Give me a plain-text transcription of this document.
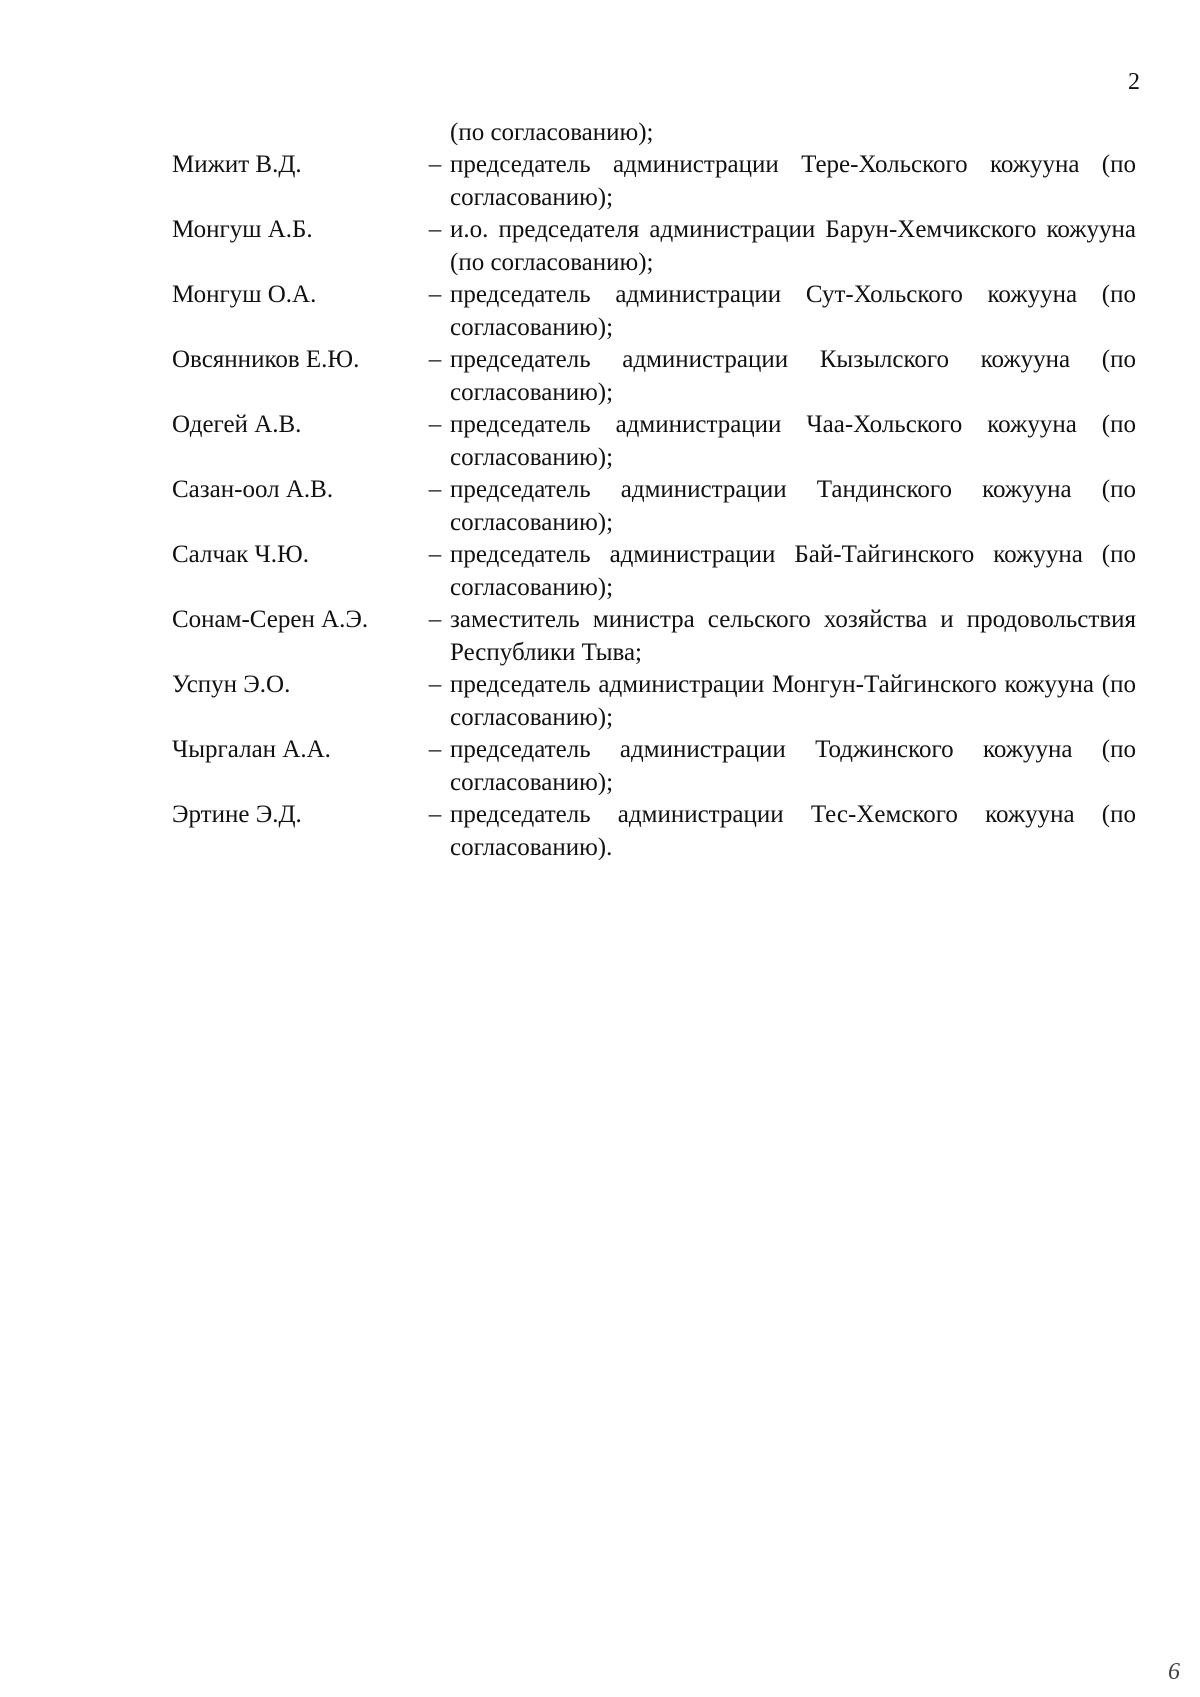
2
(по согласованию);
Мижит В.Д.	– председатель администрации Тере-Хольского кожууна (по согласованию);
Монгуш А.Б.	– и.о. председателя администрации Барун-Хемчикского кожууна (по согласованию);
Монгуш О.А.	– председатель администрации Сут-Хольского кожууна (по согласованию);
Овсянников Е.Ю.	– председатель администрации Кызылского кожууна (по согласованию);
Одегей А.В.	– председатель администрации Чаа-Хольского кожууна (по согласованию);
Сазан-оол А.В.	– председатель администрации Тандинского кожууна (по согласованию);
Салчак Ч.Ю.	– председатель администрации Бай-Тайгинского кожууна (по согласованию);
Сонам-Серен А.Э.	– заместитель министра сельского хозяйства и продовольствия Республики Тыва;
Успун Э.О.	– председатель администрации Монгун-Тайгинского кожууна (по согласованию);
Чыргалан А.А.	– председатель администрации Тоджинского кожууна (по согласованию);
Эртине Э.Д.	– председатель администрации Тес-Хемского кожууна (по согласованию).
6
